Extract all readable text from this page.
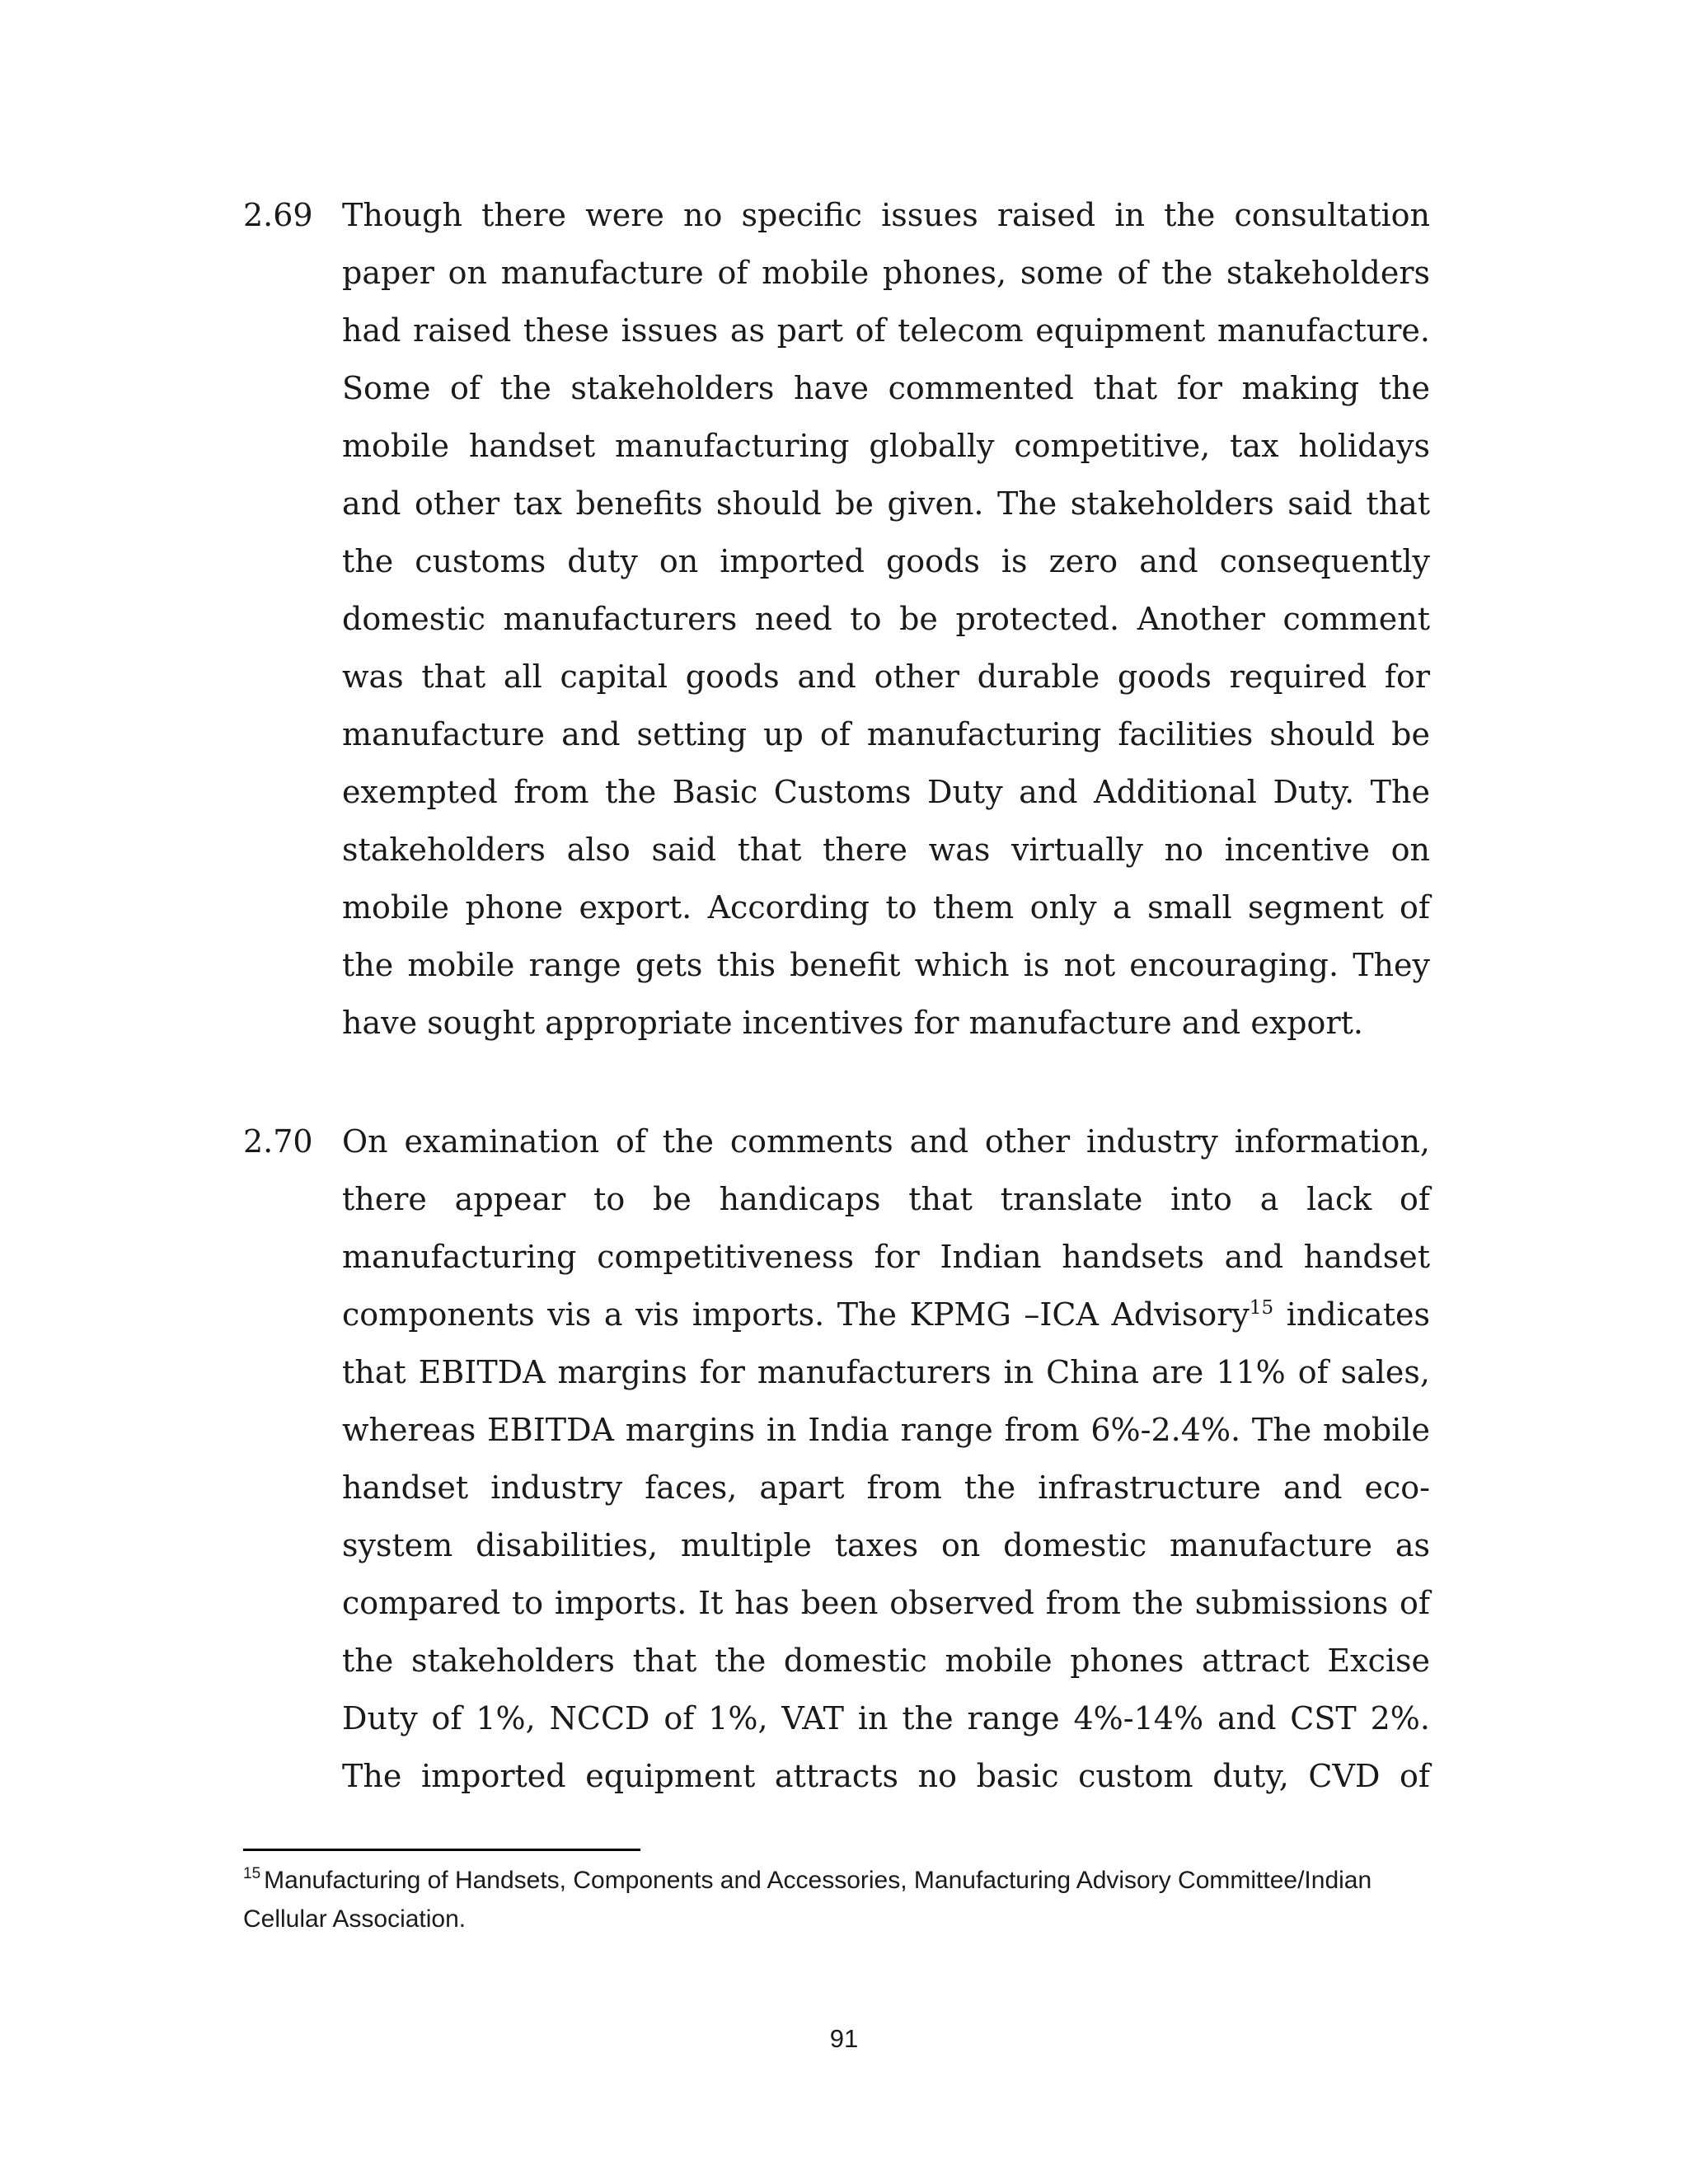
2.69 Though there were no specific issues raised in the consultation
paper on manufacture of mobile phones, some of the stakeholders
had raised these issues as part of telecom equipment manufacture.
Some of the stakeholders have commented that for making the
mobile handset manufacturing globally competitive, tax holidays
and other tax benefits should be given. The stakeholders said that
the customs duty on imported goods is zero and consequently
domestic manufacturers need to be protected. Another comment
was that all capital goods and other durable goods required for
manufacture and setting up of manufacturing facilities should be
exempted from the Basic Customs Duty and Additional Duty. The
stakeholders also said that there was virtually no incentive on
mobile phone export. According to them only a small segment of
the mobile range gets this benefit which is not encouraging. They
have sought appropriate incentives for manufacture and export.
2.70 On examination of the comments and other industry information,
there appear to be handicaps that translate into a lack of
manufacturing competitiveness for Indian handsets and handset
components vis a vis imports. The KPMG –ICA Advisory$^{15}$ indicates
that EBITDA margins for manufacturers in China are 11% of sales,
whereas EBITDA margins in India range from 6%-2.4%. The mobile
handset industry faces, apart from the infrastructure and eco-
system disabilities, multiple taxes on domestic manufacture as
compared to imports. It has been observed from the submissions of
the stakeholders that the domestic mobile phones attract Excise
Duty of 1%, NCCD of 1%, VAT in the range 4%-14% and CST 2%.
The imported equipment attracts no basic custom duty, CVD of
$^{15}$ Manufacturing of Handsets, Components and Accessories, Manufacturing Advisory Committee/Indian Cellular Association.
91
